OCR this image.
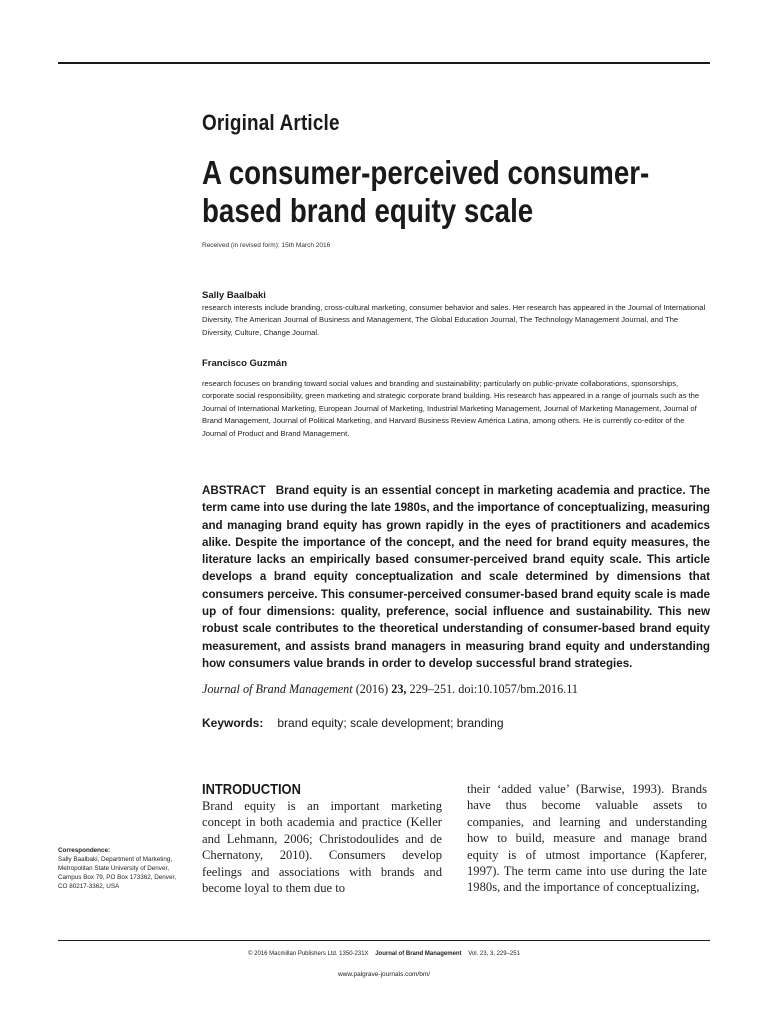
Original Article
A consumer-perceived consumer-based brand equity scale
Received (in revised form): 15th March 2016
Sally Baalbaki
research interests include branding, cross-cultural marketing, consumer behavior and sales. Her research has appeared in the Journal of International Diversity, The American Journal of Business and Management, The Global Education Journal, The Technology Management Journal, and The Diversity, Culture, Change Journal.
Francisco Guzmán
research focuses on branding toward social values and branding and sustainability; particularly on public-private collaborations, sponsorships, corporate social responsibility, green marketing and strategic corporate brand building. His research has appeared in a range of journals such as the Journal of International Marketing, European Journal of Marketing, Industrial Marketing Management, Journal of Marketing Management, Journal of Brand Management, Journal of Political Marketing, and Harvard Business Review América Latina, among others. He is currently co-editor of the Journal of Product and Brand Management.
ABSTRACT Brand equity is an essential concept in marketing academia and practice. The term came into use during the late 1980s, and the importance of conceptualizing, measuring and managing brand equity has grown rapidly in the eyes of practitioners and academics alike. Despite the importance of the concept, and the need for brand equity measures, the literature lacks an empirically based consumer-perceived brand equity scale. This article develops a brand equity conceptualization and scale determined by dimensions that consumers perceive. This consumer-perceived consumer-based brand equity scale is made up of four dimensions: quality, preference, social influence and sustainability. This new robust scale contributes to the theoretical understanding of consumer-based brand equity measurement, and assists brand managers in measuring brand equity and understanding how consumers value brands in order to develop successful brand strategies.
Journal of Brand Management (2016) 23, 229–251. doi:10.1057/bm.2016.11
Keywords: brand equity; scale development; branding
INTRODUCTION
Brand equity is an important marketing concept in both academia and practice (Keller and Lehmann, 2006; Christodoulides and de Chernatony, 2010). Consumers develop feelings and associations with brands and become loyal to them due to
their ‘added value’ (Barwise, 1993). Brands have thus become valuable assets to companies, and learning and understanding how to build, measure and manage brand equity is of utmost importance (Kapferer, 1997). The term came into use during the late 1980s, and the importance of conceptualizing,
Correspondence:
Sally Baalbaki, Department of Marketing, Metropolitan State University of Denver, Campus Box 79, PO Box 173362, Denver, CO 80217-3362, USA
© 2016 Macmillan Publishers Ltd. 1350-231X Journal of Brand Management Vol. 23, 3, 229–251
www.palgrave-journals.com/bm/
